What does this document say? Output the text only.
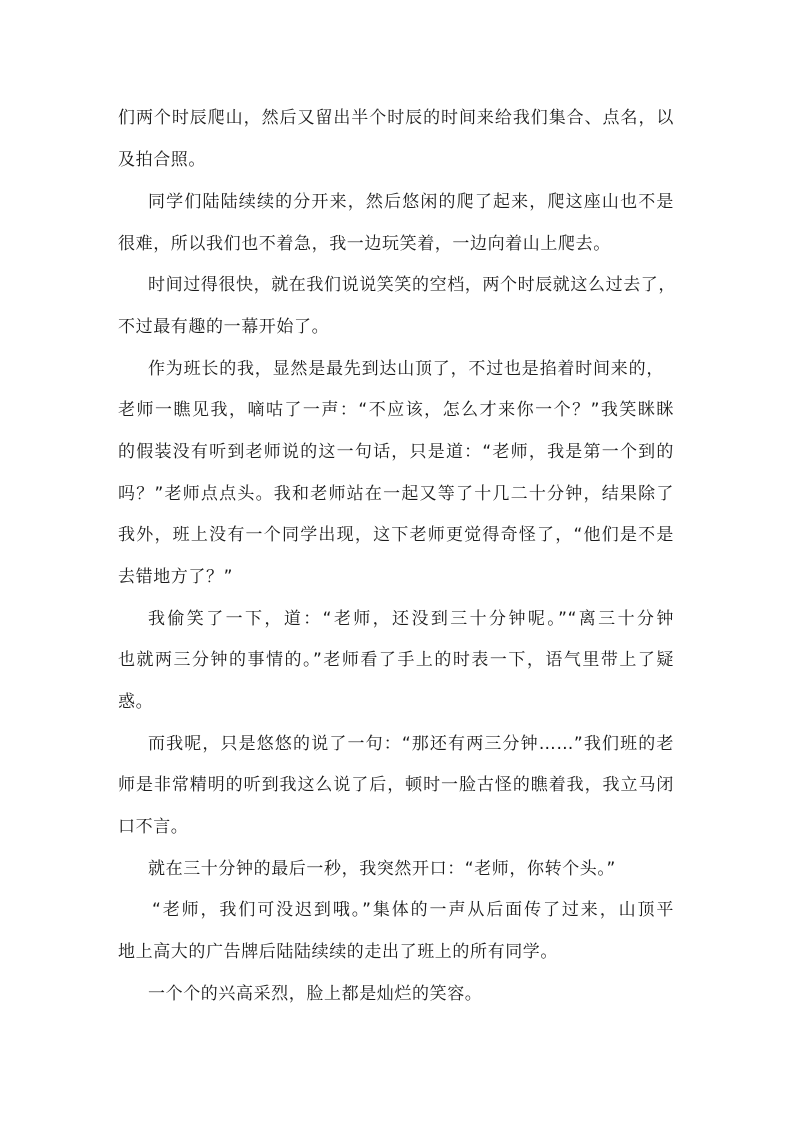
们两个时辰爬山，然后又留出半个时辰的时间来给我们集合、点名，以
及拍合照。
同学们陆陆续续的分开来，然后悠闲的爬了起来，爬这座山也不是
很难，所以我们也不着急，我一边玩笑着，一边向着山上爬去。
时间过得很快，就在我们说说笑笑的空档，两个时辰就这么过去了，
不过最有趣的一幕开始了。
作为班长的我，显然是最先到达山顶了，不过也是掐着时间来的，
老师一瞧见我，嘀咕了一声：“不应该，怎么才来你一个？”我笑眯眯
的假装没有听到老师说的这一句话，只是道：“老师，我是第一个到的
吗？”老师点点头。我和老师站在一起又等了十几二十分钟，结果除了
我外，班上没有一个同学出现，这下老师更觉得奇怪了，“他们是不是
去错地方了？”
我偷笑了一下，道：“老师，还没到三十分钟呢。”“离三十分钟
也就两三分钟的事情的。”老师看了手上的时表一下，语气里带上了疑
惑。
而我呢，只是悠悠的说了一句：“那还有两三分钟……”我们班的老
师是非常精明的听到我这么说了后，顿时一脸古怪的瞧着我，我立马闭
口不言。
就在三十分钟的最后一秒，我突然开口：“老师，你转个头。”
“老师，我们可没迟到哦。”集体的一声从后面传了过来，山顶平
地上高大的广告牌后陆陆续续的走出了班上的所有同学。
一个个的兴高采烈，脸上都是灿烂的笑容。
